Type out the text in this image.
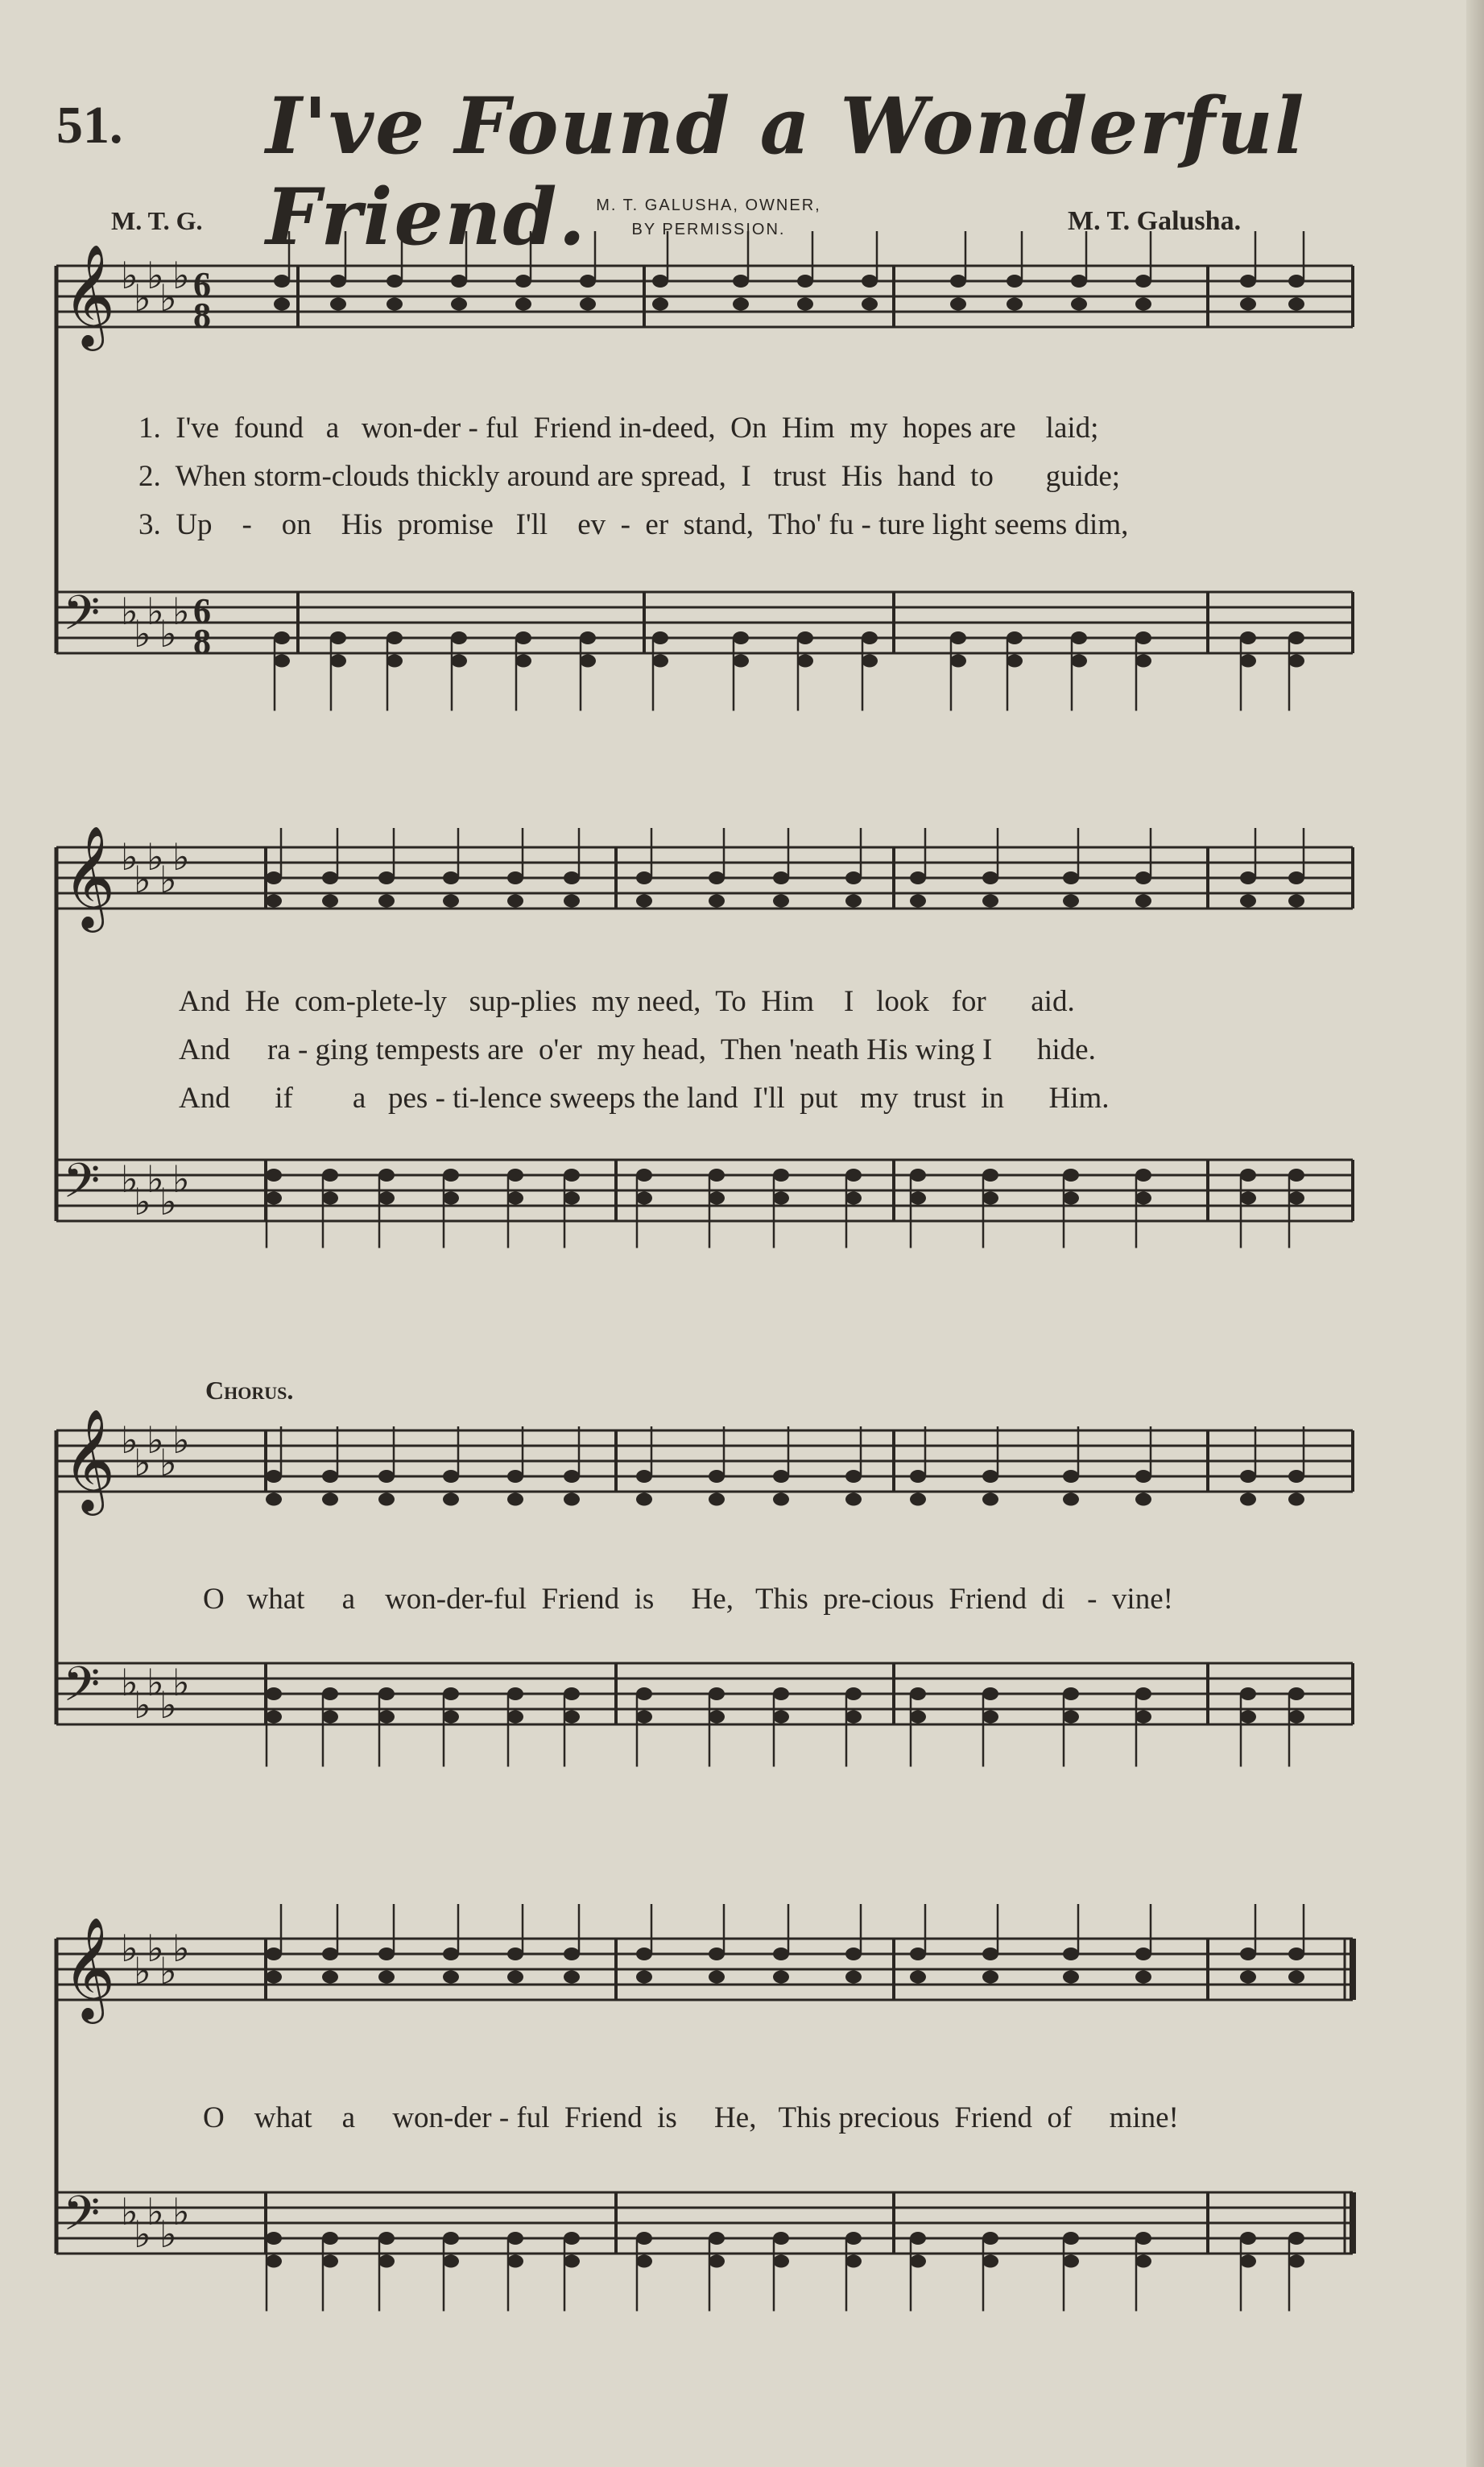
51. I've Found a Wonderful Friend.
M. T. G.
M. T. GALUSHA, OWNER,
BY PERMISSION.	M. T. Galusha.
𝄞 ♭
♭
♭
♭
♭ 6
8
𝄢 ♭
♭
♭
♭
♭ 6
8
𝄞 ♭
♭
♭
♭
♭
𝄢 ♭
♭
♭
♭
♭
𝄞 ♭
♭
♭
♭
♭
𝄢 ♭
♭
♭
♭
♭
𝄞 ♭
♭
♭
♭
♭
𝄢 ♭
♭
♭
♭
♭
1.  I've  found   a   won-der - ful  Friend in-deed,  On  Him  my  hopes are    laid;
2.  When storm-clouds thickly around are spread,  I   trust  His  hand  to       guide;
3.  Up    -    on    His  promise   I'll    ev  -  er  stand,  Tho' fu - ture light seems dim,
And  He  com-plete-ly   sup-plies  my need,  To  Him    I   look   for      aid.
And     ra - ging tempests are  o'er  my head,  Then 'neath His wing I      hide.
And      if        a   pes - ti-lence sweeps the land  I'll  put   my  trust  in      Him.
Chorus.
O   what     a    won-der-ful  Friend  is     He,   This  pre-cious  Friend  di   -  vine!
O    what    a     won-der - ful  Friend  is     He,   This precious  Friend  of     mine!
